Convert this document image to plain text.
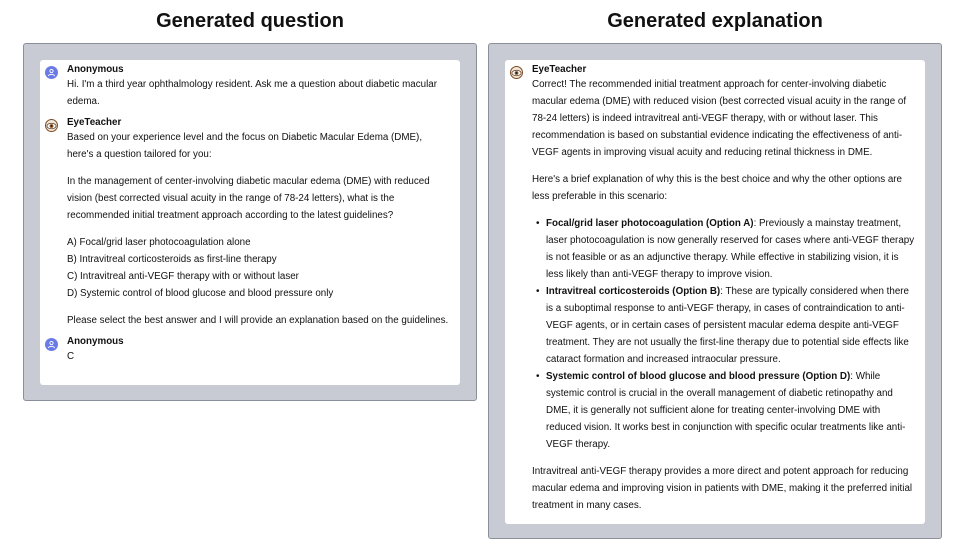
Generated question	Generated explanation
Anonymous

Hi. I'm a third year ophthalmology resident. Ask me a question about diabetic macular edema.

EyeTeacher

Based on your experience level and the focus on Diabetic Macular Edema (DME), here's a question tailored for you:

In the management of center-involving diabetic macular edema (DME) with reduced vision (best corrected visual acuity in the range of 78-24 letters), what is the recommended initial treatment approach according to the latest guidelines?

A) Focal/grid laser photocoagulation alone

B) Intravitreal corticosteroids as first-line therapy

C) Intravitreal anti-VEGF therapy with or without laser

D) Systemic control of blood glucose and blood pressure only

Please select the best answer and I will provide an explanation based on the guidelines.

Anonymous

C

EyeTeacher

Correct! The recommended initial treatment approach for center-involving diabetic macular edema (DME) with reduced vision (best corrected visual acuity in the range of 78-24 letters) is indeed intravitreal anti-VEGF therapy, with or without laser. This recommendation is based on substantial evidence indicating the effectiveness of anti-VEGF agents in improving visual acuity and reducing retinal thickness in DME.

Here's a brief explanation of why this is the best choice and why the other options are less preferable in this scenario:

• Focal/grid laser photocoagulation (Option A): Previously a mainstay treatment, laser photocoagulation is now generally reserved for cases where anti-VEGF therapy is not feasible or as an adjunctive therapy. While effective in stabilizing vision, it is less likely than anti-VEGF therapy to improve vision.
• Intravitreal corticosteroids (Option B): These are typically considered when there is a suboptimal response to anti-VEGF therapy, in cases of contraindication to anti-VEGF agents, or in certain cases of persistent macular edema despite anti-VEGF treatment. They are not usually the first-line therapy due to potential side effects like cataract formation and increased intraocular pressure.
• Systemic control of blood glucose and blood pressure (Option D): While systemic control is crucial in the overall management of diabetic retinopathy and DME, it is generally not sufficient alone for treating center-involving DME with reduced vision. It works best in conjunction with specific ocular treatments like anti-VEGF therapy.

Intravitreal anti-VEGF therapy provides a more direct and potent approach for reducing macular edema and improving vision in patients with DME, making it the preferred initial treatment in many cases.
